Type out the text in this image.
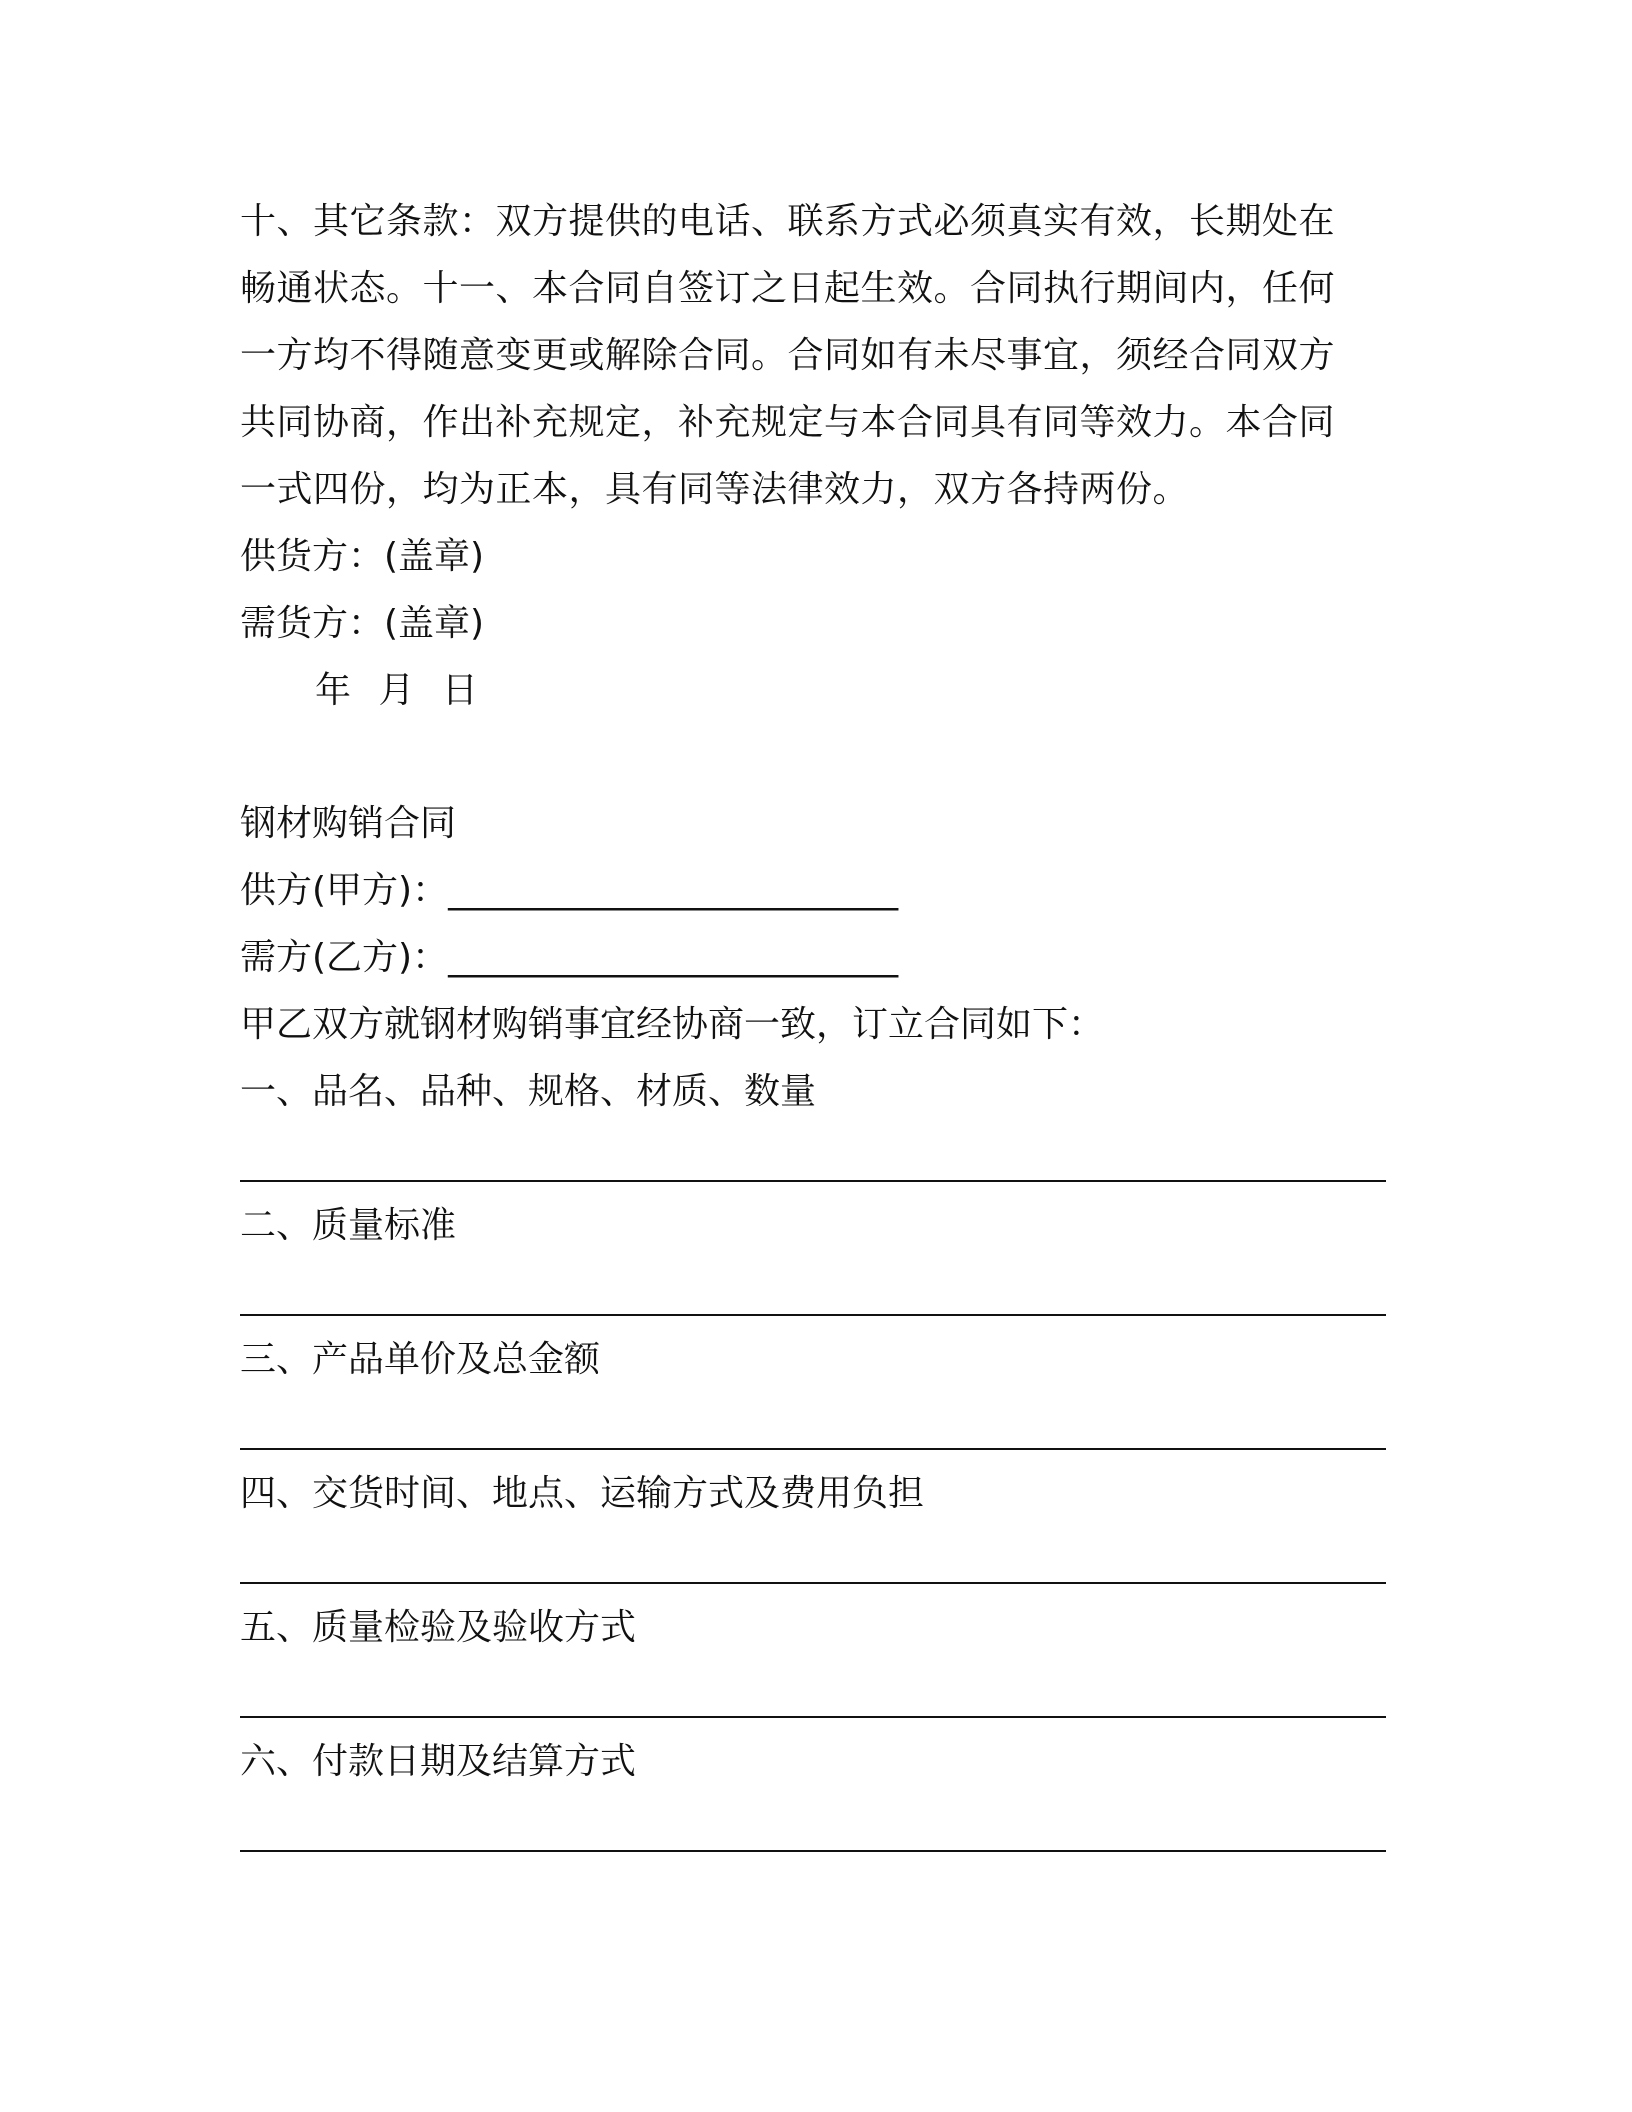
十、其它条款：双方提供的电话、联系方式必须真实有效，长期处在
畅通状态。十一、本合同自签订之日起生效。合同执行期间内，任何
一方均不得随意变更或解除合同。合同如有未尽事宜，须经合同双方
共同协商，作出补充规定，补充规定与本合同具有同等效力。本合同
一式四份，均为正本，具有同等法律效力，双方各持两份。
供货方：(盖章)
需货方：(盖章)
年 月 日
钢材购销合同
供方(甲方)：_________________________
需方(乙方)：_________________________
甲乙双方就钢材购销事宜经协商一致，订立合同如下：
一、品名、品种、规格、材质、数量
二、质量标准
三、产品单价及总金额
四、交货时间、地点、运输方式及费用负担
五、质量检验及验收方式
六、付款日期及结算方式
